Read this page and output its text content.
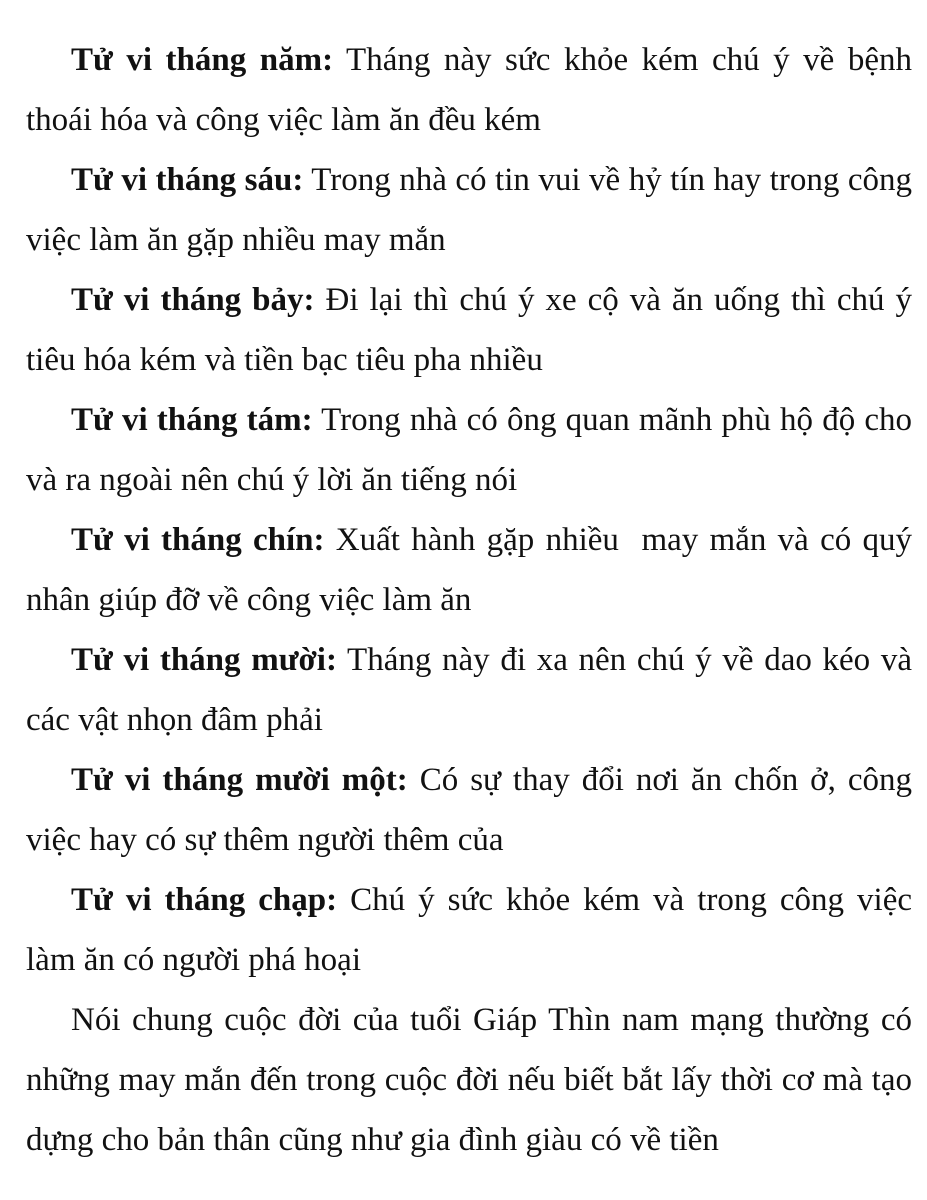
Tử vi tháng năm: Tháng này sức khỏe kém chú ý về bệnh thoái hóa và công việc làm ăn đều kém

Tử vi tháng sáu: Trong nhà có tin vui về hỷ tín hay trong công việc làm ăn gặp nhiều may mắn

Tử vi tháng bảy: Đi lại thì chú ý xe cộ và ăn uống thì chú ý tiêu hóa kém và tiền bạc tiêu pha nhiều

Tử vi tháng tám: Trong nhà có ông quan mãnh phù hộ độ cho và ra ngoài nên chú ý lời ăn tiếng nói

Tử vi tháng chín: Xuất hành gặp nhiều  may mắn và có quý nhân giúp đỡ về công việc làm ăn

Tử vi tháng mười: Tháng này đi xa nên chú ý về dao kéo và các vật nhọn đâm phải

Tử vi tháng mười một: Có sự thay đổi nơi ăn chốn ở, công việc hay có sự thêm người thêm của

Tử vi tháng chạp: Chú ý sức khỏe kém và trong công việc làm ăn có người phá hoại

Nói chung cuộc đời của tuổi Giáp Thìn nam mạng thường có những may mắn đến trong cuộc đời nếu biết bắt lấy thời cơ mà tạo dựng cho bản thân cũng như gia đình giàu có về tiền
